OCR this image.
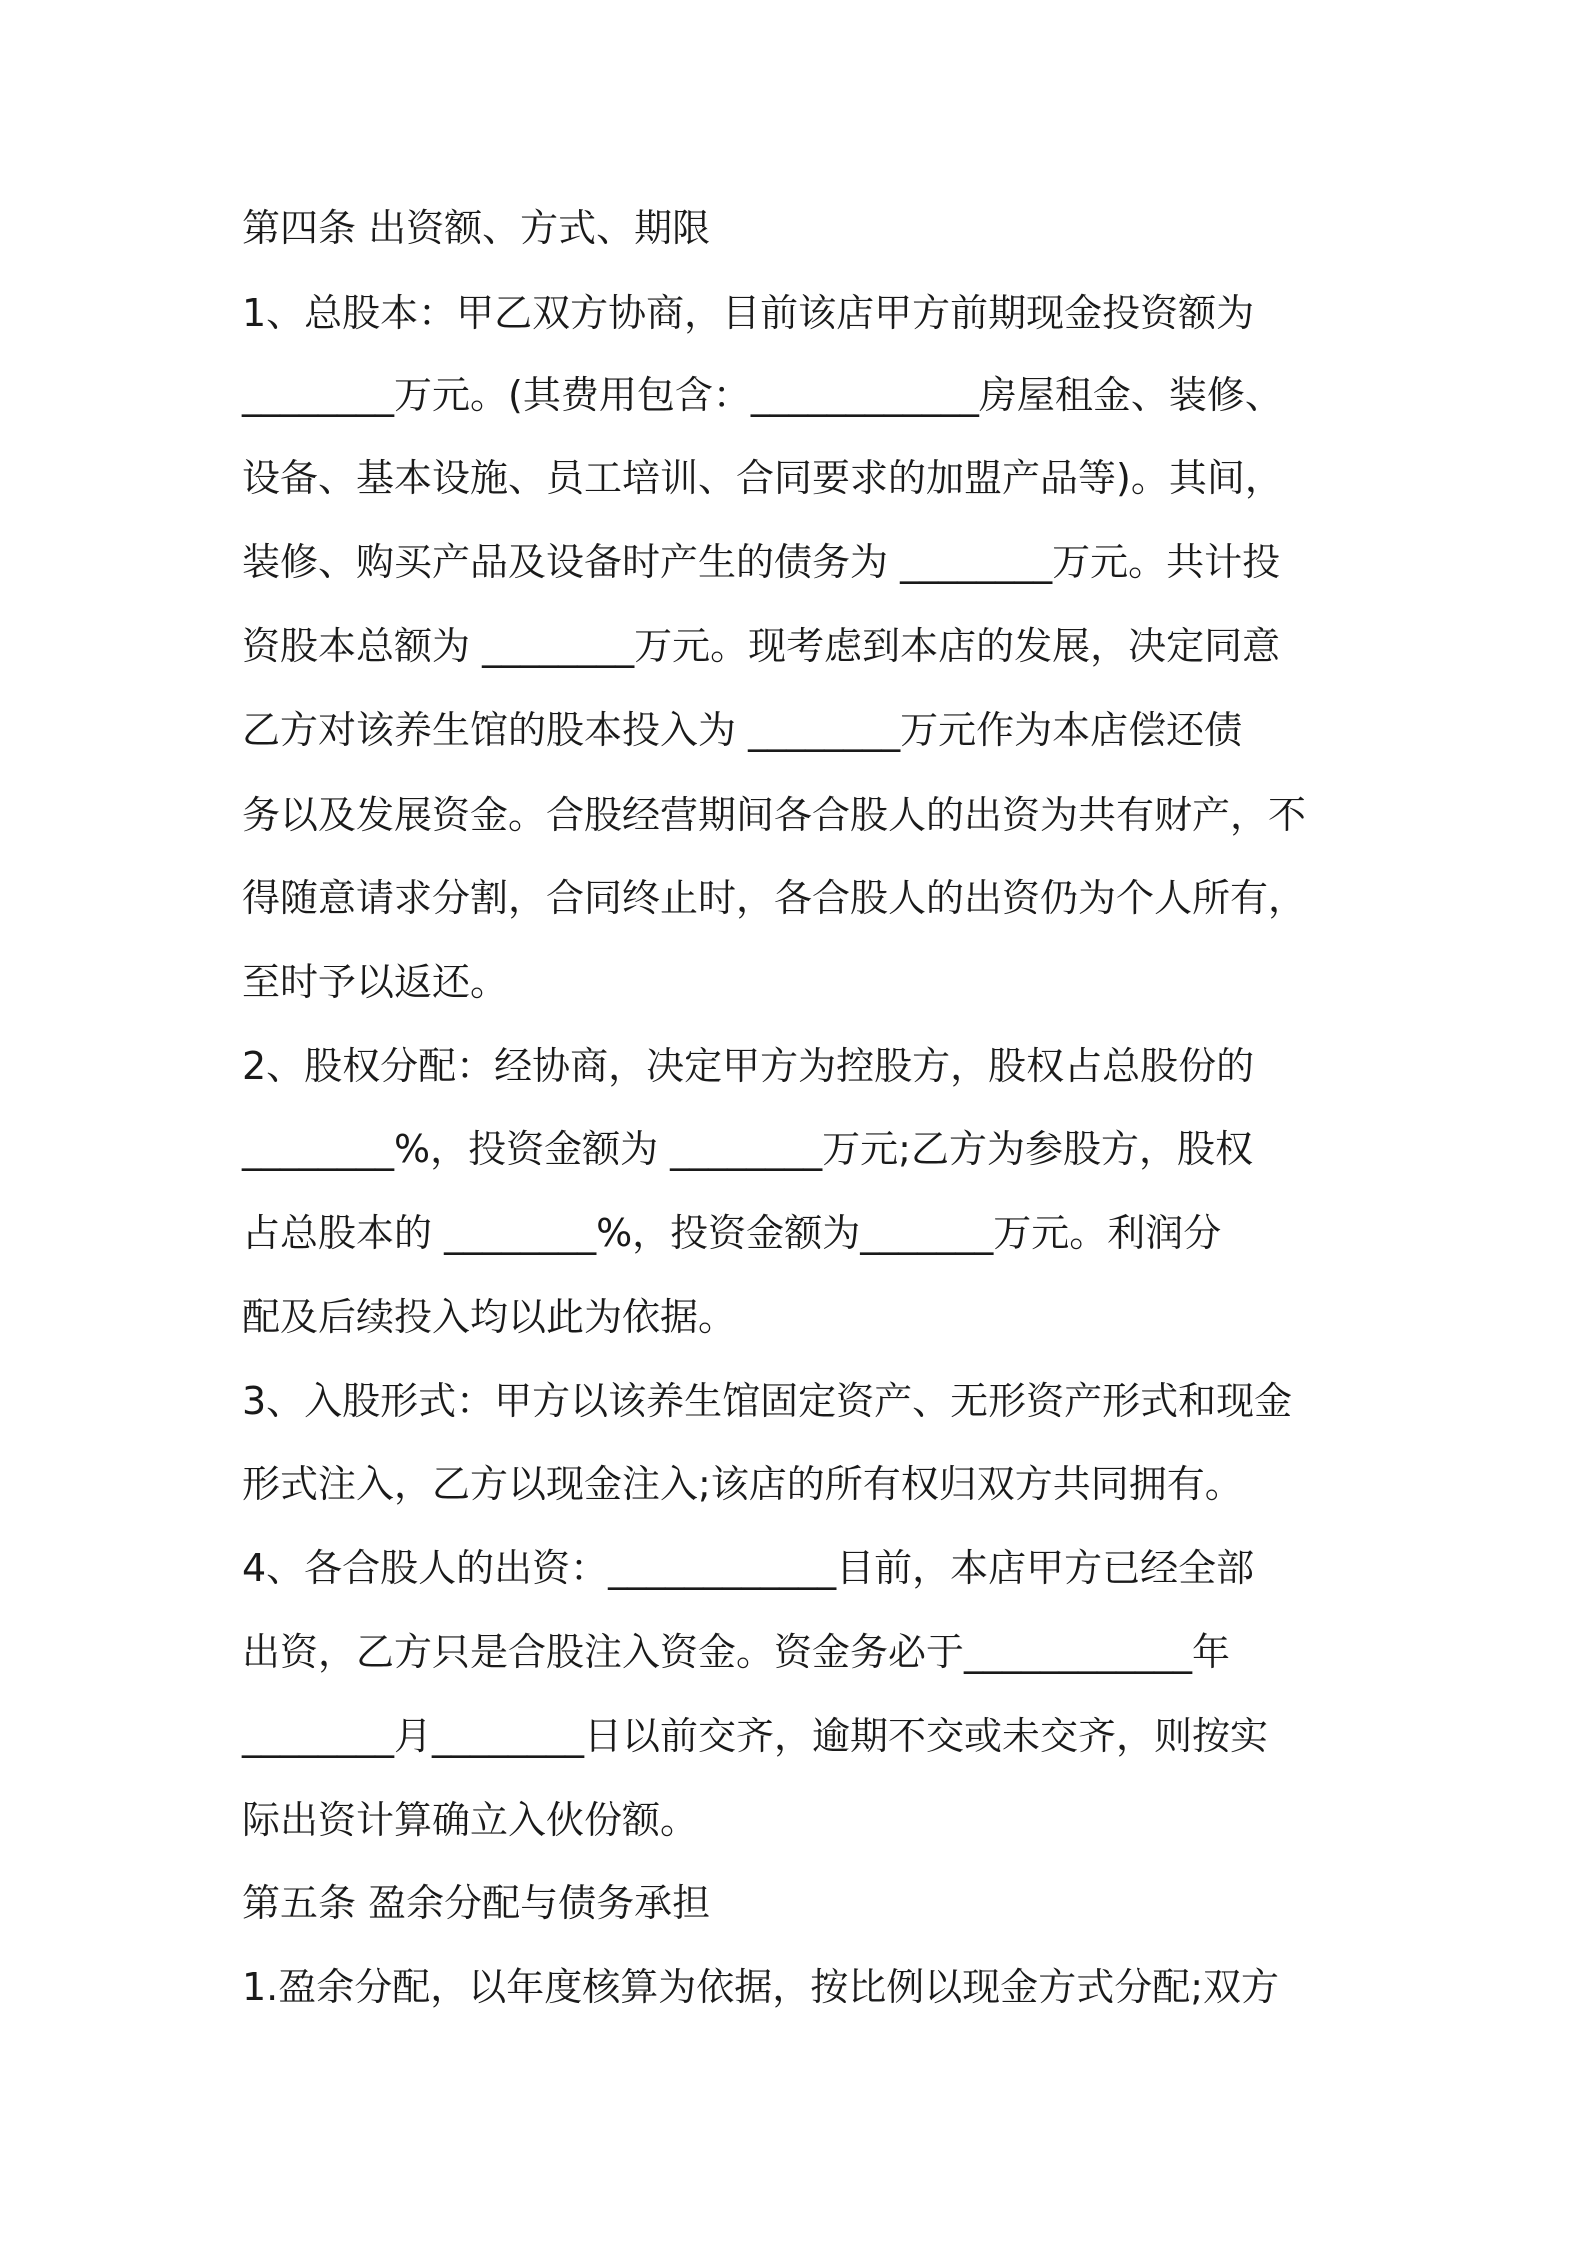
第四条 出资额、方式、期限
1、总股本：甲乙双方协商，目前该店甲方前期现金投资额为
________万元。(其费用包含：____________房屋租金、装修、
设备、基本设施、员工培训、合同要求的加盟产品等)。其间，
装修、购买产品及设备时产生的债务为 ________万元。共计投
资股本总额为 ________万元。现考虑到本店的发展，决定同意
乙方对该养生馆的股本投入为 ________万元作为本店偿还债
务以及发展资金。合股经营期间各合股人的出资为共有财产，不
得随意请求分割，合同终止时，各合股人的出资仍为个人所有，
至时予以返还。
2、股权分配：经协商，决定甲方为控股方，股权占总股份的
________%，投资金额为 ________万元;乙方为参股方，股权
占总股本的 ________%，投资金额为_______万元。利润分
配及后续投入均以此为依据。
3、入股形式：甲方以该养生馆固定资产、无形资产形式和现金
形式注入，乙方以现金注入;该店的所有权归双方共同拥有。
4、各合股人的出资：____________目前，本店甲方已经全部
出资，乙方只是合股注入资金。资金务必于____________年
________月________日以前交齐，逾期不交或未交齐，则按实
际出资计算确立入伙份额。
第五条 盈余分配与债务承担
1.盈余分配，以年度核算为依据，按比例以现金方式分配;双方
